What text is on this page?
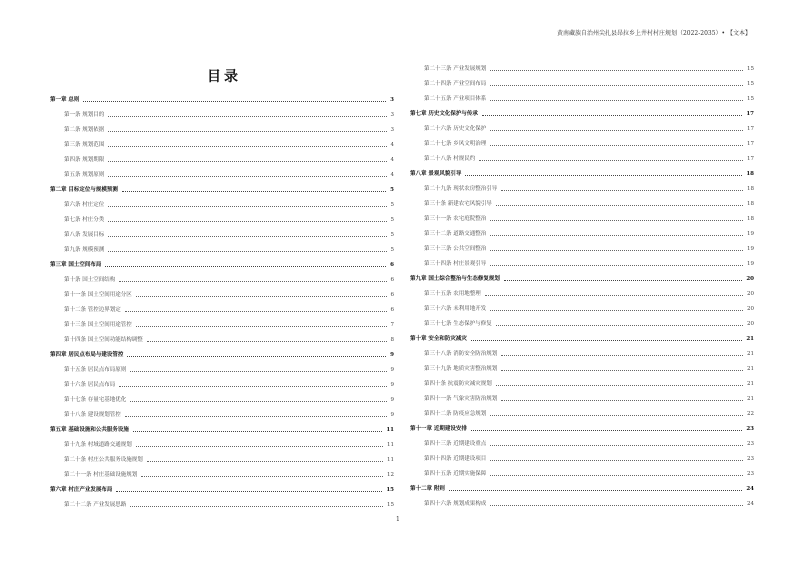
黄南藏族自治州尖扎县昂拉乡上井村村庄规划（2022-2035）• 【文本】
目录
第一章 总则	3
第一条 规划目的	3
第二条 规划依据	3
第三条 规划范围	4
第四条 规划期限	4
第五条 规划原则	4
第二章 目标定位与规模预测	5
第六条 村庄定位	5
第七条 村庄分类	5
第八条 发展目标	5
第九条 规模预测	5
第三章 国土空间布局	6
第十条 国土空间结构	6
第十一条 国土空间用途分区	6
第十二条 管控边界划定	6
第十三条 国土空间用途管控	7
第十四条 国土空间功能结构调整	8
第四章 居民点布局与建设管控	9
第十五条 居民点布局原则	9
第十六条 居民点布局	9
第十七条 存量宅基地优化	9
第十八条 建设规划管控	9
第五章 基础设施和公共服务设施	11
第十九条 村域道路交通规划	11
第二十条 村庄公共服务设施规划	11
第二十一条 村庄基础设施规划	12
第六章 村庄产业发展布局	15
第二十二条 产业发展思路	15
第二十三条 产业发展规划	15
第二十四条 产业空间布局	15
第二十五条 产业项目体系	15
第七章 历史文化保护与传承	17
第二十六条 历史文化保护	17
第二十七条 乡风文明治理	17
第二十八条 村规民约	17
第八章 景观风貌引导	18
第二十九条 现状农房整治引导	18
第三十条 新建农宅风貌引导	18
第三十一条 农宅庭院整治	18
第三十二条 道路交通整治	19
第三十三条 公共空间整治	19
第三十四条 村庄景观引导	19
第九章 国土综合整治与生态修复规划	20
第三十五条 农用地整理	20
第三十六条 未利用地开发	20
第三十七条 生态保护与修复	20
第十章 安全和防灾减灾	21
第三十八条 消防安全防治规划	21
第三十九条 地质灾害整治规划	21
第四十条 抗震防灾减灾规划	21
第四十一条 气象灾害防治规划	21
第四十二条 防疫应急规划	22
第十一章 近期建设安排	23
第四十三条 近期建设重点	23
第四十四条 近期建设项目	23
第四十五条 近期实施保障	23
第十二章 附则	24
第四十六条 规划成果构成	24
1
